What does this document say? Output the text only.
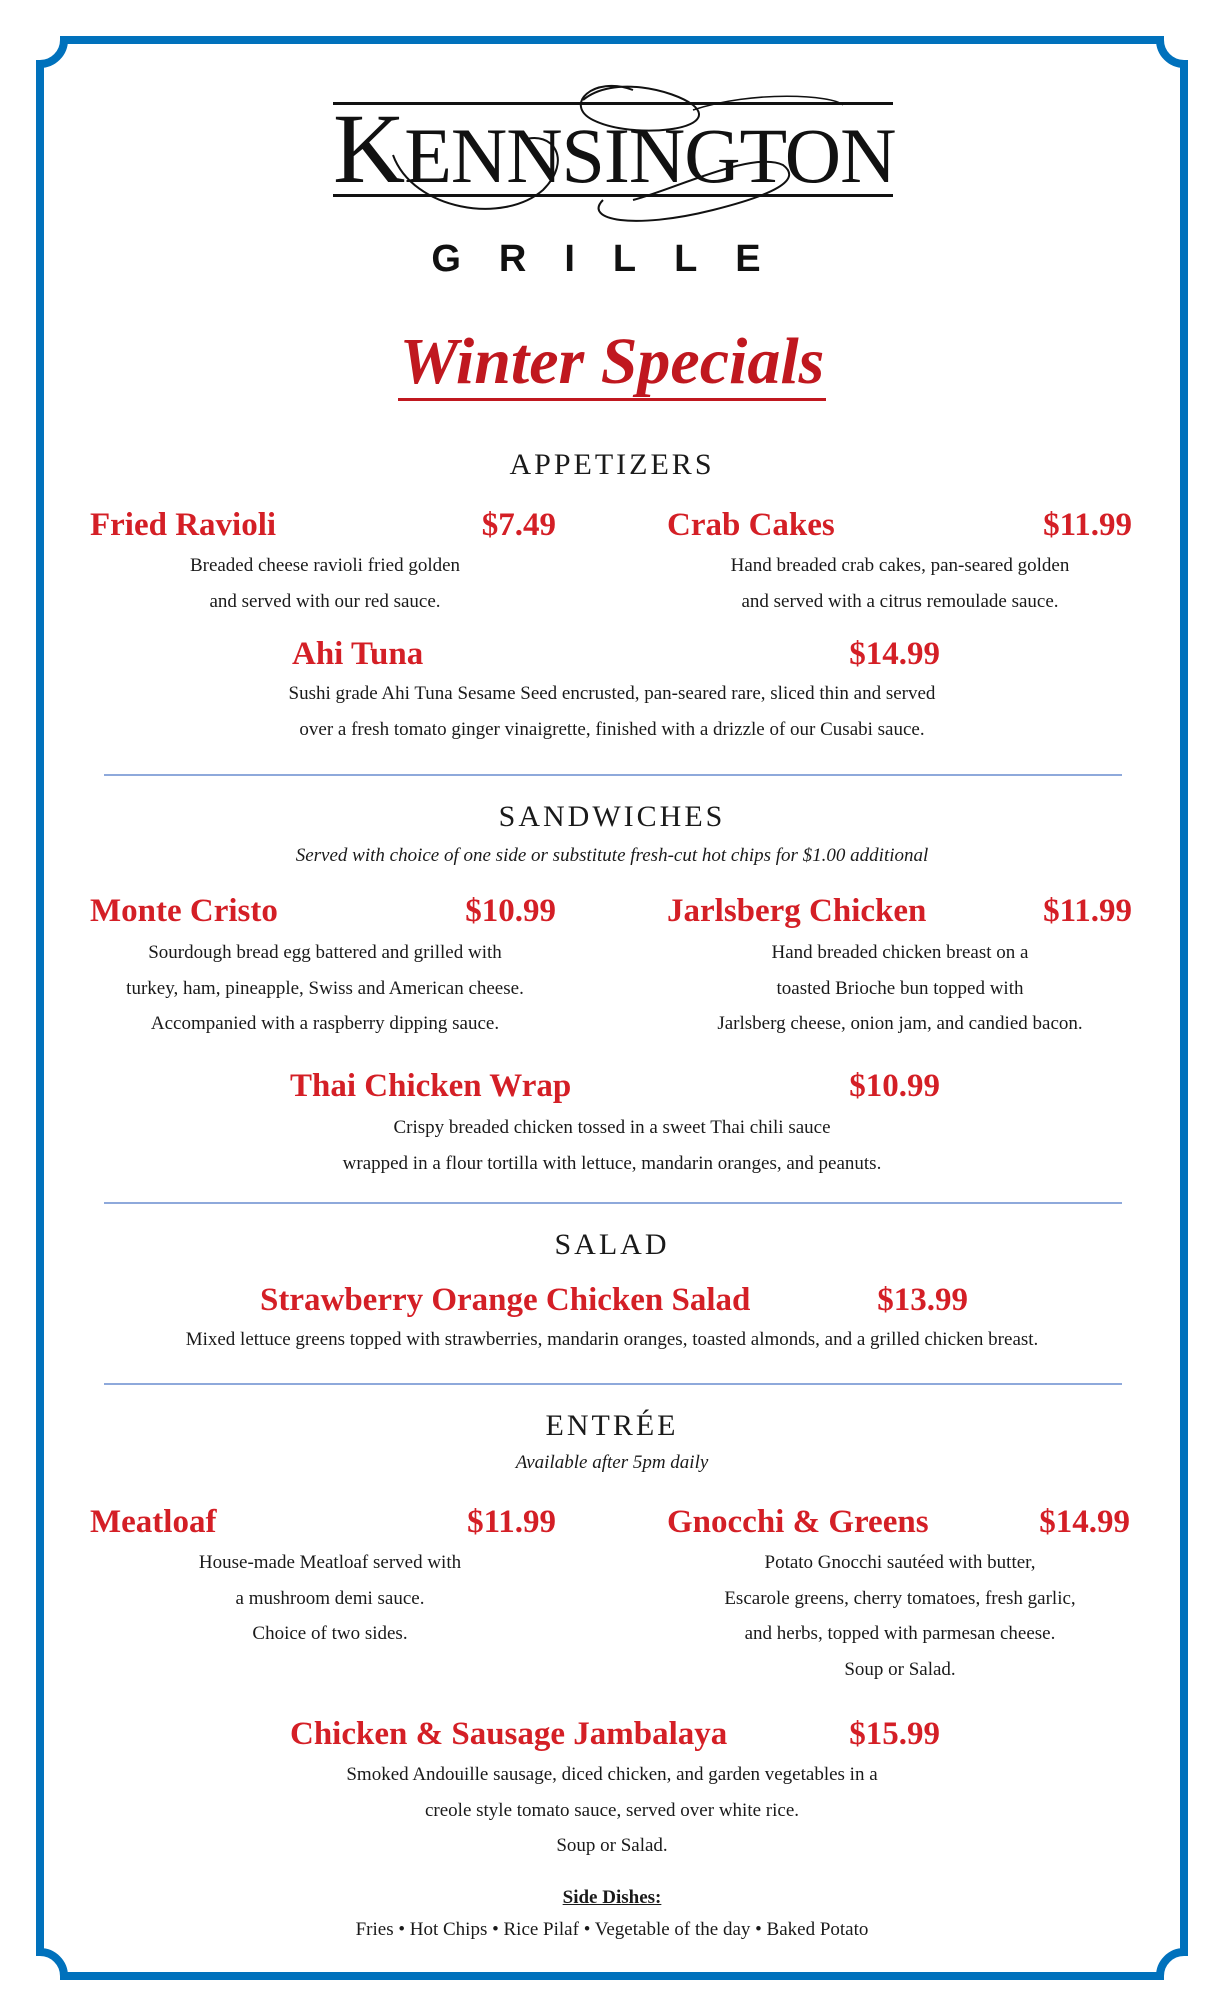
KENNSINGTON
GRILLE
Winter Specials
APPETIZERS
Fried Ravioli	$7.49
Breaded cheese ravioli fried golden
and served with our red sauce.
Crab Cakes	$11.99
Hand breaded crab cakes, pan-seared golden
and served with a citrus remoulade sauce.
Ahi Tuna	$14.99
Sushi grade Ahi Tuna Sesame Seed encrusted, pan-seared rare, sliced thin and served
over a fresh tomato ginger vinaigrette, finished with a drizzle of our Cusabi sauce.
SANDWICHES
Served with choice of one side or substitute fresh-cut hot chips for $1.00 additional
Monte Cristo	$10.99
Sourdough bread egg battered and grilled with
turkey, ham, pineapple, Swiss and American cheese.
Accompanied with a raspberry dipping sauce.
Jarlsberg Chicken	$11.99
Hand breaded chicken breast on a
toasted Brioche bun topped with
Jarlsberg cheese, onion jam, and candied bacon.
Thai Chicken Wrap	$10.99
Crispy breaded chicken tossed in a sweet Thai chili sauce
wrapped in a flour tortilla with lettuce, mandarin oranges, and peanuts.
SALAD
Strawberry Orange Chicken Salad	$13.99
Mixed lettuce greens topped with strawberries, mandarin oranges, toasted almonds, and a grilled chicken breast.
ENTRÉE
Available after 5pm daily
Meatloaf	$11.99
House-made Meatloaf served with
a mushroom demi sauce.
Choice of two sides.
Gnocchi & Greens	$14.99
Potato Gnocchi sautéed with butter,
Escarole greens, cherry tomatoes, fresh garlic,
and herbs, topped with parmesan cheese.
Soup or Salad.
Chicken & Sausage Jambalaya	$15.99
Smoked Andouille sausage, diced chicken, and garden vegetables in a
creole style tomato sauce, served over white rice.
Soup or Salad.
Side Dishes:
Fries • Hot Chips • Rice Pilaf • Vegetable of the day • Baked Potato
